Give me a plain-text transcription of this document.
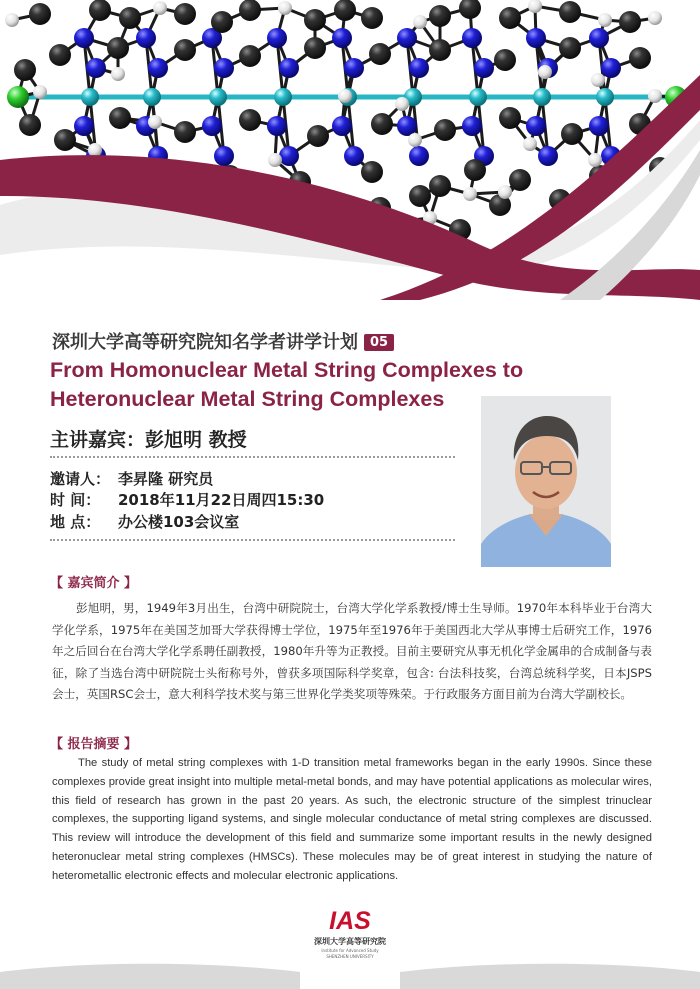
深圳大学高等研究院知名学者讲学计划 05
From Homonuclear Metal String Complexes to
Heteronuclear Metal String Complexes
主讲嘉宾：彭旭明 教授
邀请人： 李昇隆 研究员
时 间： 2018年11月22日周四15:30
地 点： 办公楼103会议室
【 嘉宾简介 】

彭旭明，男，1949年3月出生，台湾中研院院士，台湾大学化学系教授/博士生导师。1970年本科毕业于台湾大学化学系，1975年在美国芝加哥大学获得博士学位，1975年至1976年于美国西北大学从事博士后研究工作，1976年之后回台在台湾大学化学系聘任副教授，1980年升等为正教授。目前主要研究从事无机化学金属串的合成制备与表征，除了当选台湾中研院院士头衔称号外，曾获多项国际科学奖章，包含: 台法科技奖，台湾总统科学奖，日本JSPS会士，英国RSC会士，意大利科学技术奖与第三世界化学类奖项等殊荣。于行政服务方面目前为台湾大学副校长。

【 报告摘要 】

The study of metal string complexes with 1-D transition metal frameworks began in the early 1990s. Since these complexes provide great insight into multiple metal-metal bonds, and may have potential applications as molecular wires, this field of research has grown in the past 20 years. As such, the electronic structure of the simplest trinuclear complexes, the supporting ligand systems, and single molecular conductance of metal string complexes are discussed. This review will introduce the development of this field and summarize some important results in the newly designed heteronuclear metal string complexes (HMSCs). These molecules may be of great interest in studying the nature of heterometallic electronic effects and molecular electronic applications.

IAS
深圳大学高等研究院
Institute for Advanced Study
SHENZHEN UNIVERSITY
